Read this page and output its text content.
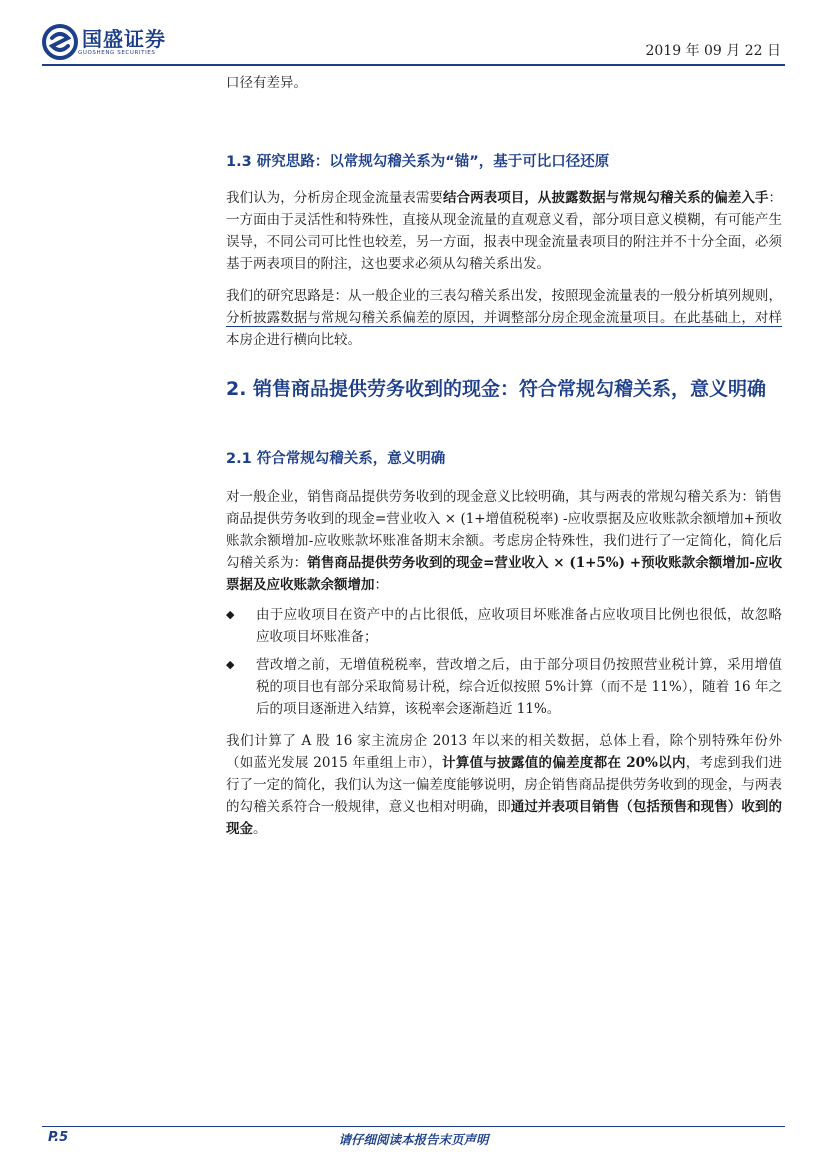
国盛证券
GUOSHENG SECURITIES	2019 年 09 月 22 日

口径有差异。

1.3 研究思路：以常规勾稽关系为“锚”，基于可比口径还原

我们认为，分析房企现金流量表需要结合两表项目，从披露数据与常规勾稽关系的偏差入手：一方面由于灵活性和特殊性，直接从现金流量的直观意义看，部分项目意义模糊，有可能产生误导，不同公司可比性也较差，另一方面，报表中现金流量表项目的附注并不十分全面，必须基于两表项目的附注，这也要求必须从勾稽关系出发。

我们的研究思路是：从一般企业的三表勾稽关系出发，按照现金流量表的一般分析填列规则，分析披露数据与常规勾稽关系偏差的原因，并调整部分房企现金流量项目。在此基础上，对样本房企进行横向比较。

2. 销售商品提供劳务收到的现金：符合常规勾稽关系，意义明确

2.1 符合常规勾稽关系，意义明确

对一般企业，销售商品提供劳务收到的现金意义比较明确，其与两表的常规勾稽关系为：销售商品提供劳务收到的现金=营业收入 × (1+增值税税率) -应收票据及应收账款余额增加+预收账款余额增加-应收账款坏账准备期末余额。考虑房企特殊性，我们进行了一定简化，简化后勾稽关系为：销售商品提供劳务收到的现金=营业收入 × (1+5%) +预收账款余额增加-应收票据及应收账款余额增加：

◆	由于应收项目在资产中的占比很低，应收项目坏账准备占应收项目比例也很低，故忽略应收项目坏账准备；

◆	营改增之前，无增值税税率，营改增之后，由于部分项目仍按照营业税计算，采用增值税的项目也有部分采取简易计税，综合近似按照 5%计算（而不是 11%），随着 16 年之后的项目逐渐进入结算，该税率会逐渐趋近 11%。

我们计算了 A 股 16 家主流房企 2013 年以来的相关数据，总体上看，除个别特殊年份外（如蓝光发展 2015 年重组上市），计算值与披露值的偏差度都在 20%以内，考虑到我们进行了一定的简化，我们认为这一偏差度能够说明，房企销售商品提供劳务收到的现金，与两表的勾稽关系符合一般规律，意义也相对明确，即通过并表项目销售（包括预售和现售）收到的现金。

P.5	请仔细阅读本报告末页声明
